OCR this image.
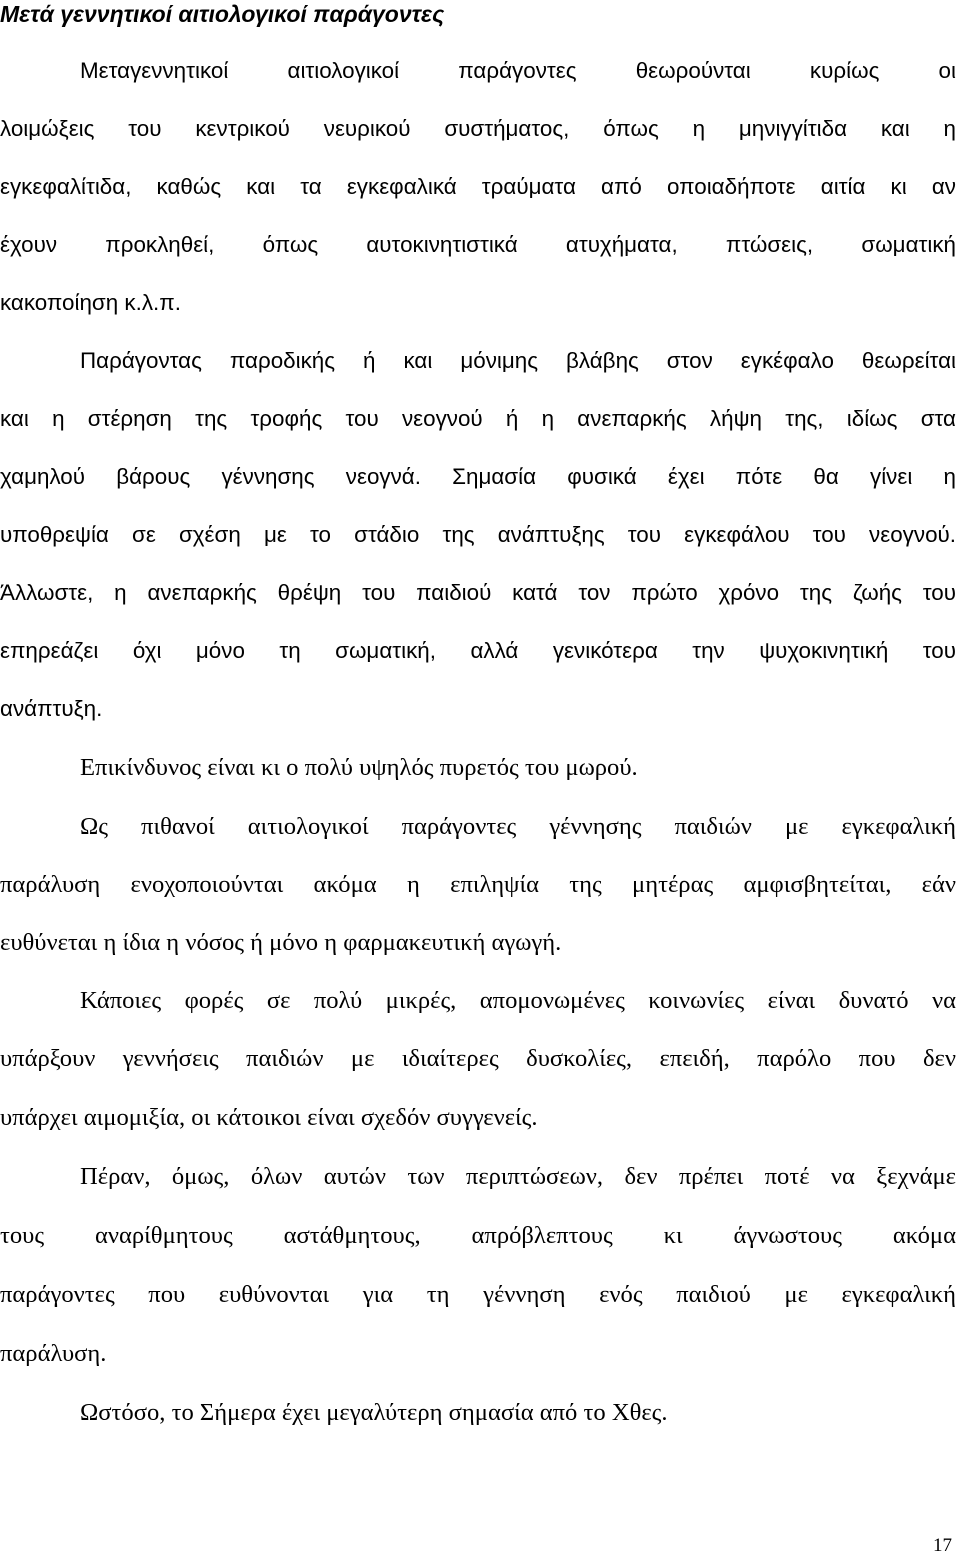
Μετά γεννητικοί αιτιολογικοί παράγοντες
Μεταγεννητικοί αιτιολογικοί παράγοντες θεωρούνται κυρίως οι
λοιμώξεις του κεντρικού νευρικού συστήματος, όπως η μηνιγγίτιδα και η
εγκεφαλίτιδα, καθώς και τα εγκεφαλικά τραύματα από οποιαδήποτε αιτία κι αν
έχουν προκληθεί, όπως αυτοκινητιστικά ατυχήματα, πτώσεις, σωματική
κακοποίηση κ.λ.π.
Παράγοντας παροδικής ή και μόνιμης βλάβης στον εγκέφαλο θεωρείται
και η στέρηση της τροφής του νεογνού ή η ανεπαρκής λήψη της, ιδίως στα
χαμηλού βάρους γέννησης νεογνά. Σημασία φυσικά έχει πότε θα γίνει η
υποθρεψία σε σχέση με το στάδιο της ανάπτυξης του εγκεφάλου του νεογνού.
Άλλωστε, η ανεπαρκής θρέψη του παιδιού κατά τον πρώτο χρόνο της ζωής του
επηρεάζει όχι μόνο τη σωματική, αλλά γενικότερα την ψυχοκινητική του
ανάπτυξη.
Επικίνδυνος είναι κι ο πολύ υψηλός πυρετός του μωρού.
Ως πιθανοί αιτιολογικοί παράγοντες γέννησης παιδιών με εγκεφαλική
παράλυση ενοχοποιούνται ακόμα η επιληψία της μητέρας αμφισβητείται, εάν
ευθύνεται η ίδια η νόσος ή μόνο η φαρμακευτική αγωγή.
Κάποιες φορές σε πολύ μικρές, απομονωμένες κοινωνίες είναι δυνατό να
υπάρξουν γεννήσεις παιδιών με ιδιαίτερες δυσκολίες, επειδή, παρόλο που δεν
υπάρχει αιμομιξία, οι κάτοικοι είναι σχεδόν συγγενείς.
Πέραν, όμως, όλων αυτών των περιπτώσεων, δεν πρέπει ποτέ να ξεχνάμε
τους αναρίθμητους αστάθμητους, απρόβλεπτους κι άγνωστους ακόμα
παράγοντες που ευθύνονται για τη γέννηση ενός παιδιού με εγκεφαλική
παράλυση.
Ωστόσο, το Σήμερα έχει μεγαλύτερη σημασία από το Χθες.
17
